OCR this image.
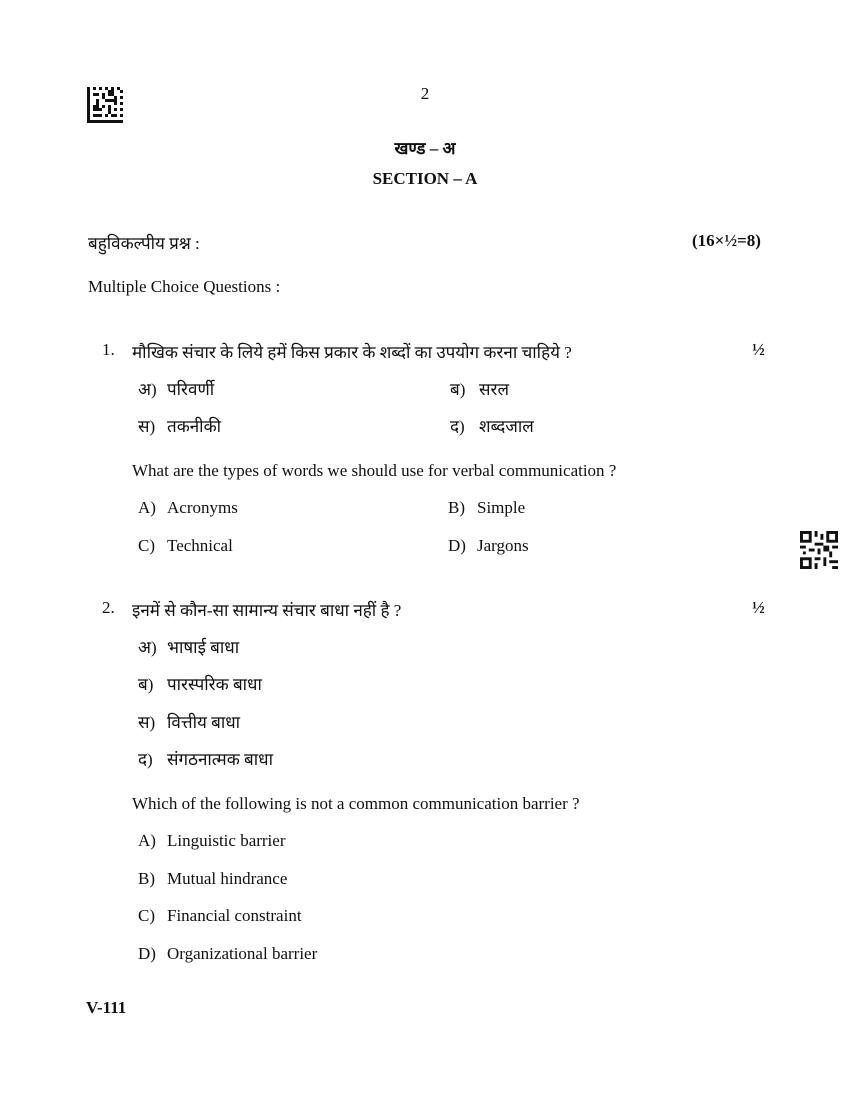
2
खण्ड – अ
SECTION – A
बहुविकल्पीय प्रश्न :	(16×½=8)
Multiple Choice Questions :
1. मौखिक संचार के लिये हमें किस प्रकार के शब्दों का उपयोग करना चाहिये ?	½
अ) परिवर्णी	ब) सरल
स) तकनीकी	द) शब्दजाल
What are the types of words we should use for verbal communication ?
A) Acronyms	B) Simple
C) Technical	D) Jargons
2. इनमें से कौन-सा सामान्य संचार बाधा नहीं है ?	½
अ) भाषाई बाधा
ब) पारस्परिक बाधा
स) वित्तीय बाधा
द) संगठनात्मक बाधा
Which of the following is not a common communication barrier ?
A) Linguistic barrier
B) Mutual hindrance
C) Financial constraint
D) Organizational barrier
V-111
